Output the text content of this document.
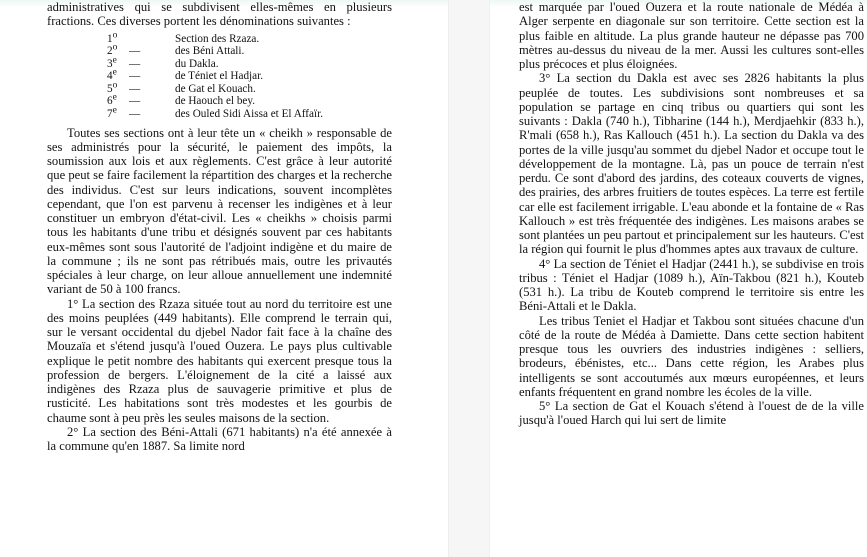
administratives qui se subdivisent elles-mêmes en plusieurs fractions. Ces diverses portent les dénominations suivantes :

1$^o$	Section des Rzaza.
2$^o$	—	des Béni Attali.
3e	—	du Dakla.
4e	—	de Téniet el Hadjar.
5$^o$	—	de Gat el Kouach.
6e	—	de Haouch el bey.
7e	—	des Ouled Sidi Aissa et El Affaïr.

Toutes ses sections ont à leur tête un « cheikh » responsable de ses administrés pour la sécurité, le paiement des impôts, la soumission aux lois et aux règlements. C'est grâce à leur autorité que peut se faire facilement la répartition des charges et la recherche des individus. C'est sur leurs indications, souvent incomplètes cependant, que l'on est parvenu à recenser les indigènes et à leur constituer un embryon d'état-civil. Les « cheikhs » choisis parmi tous les habitants d'une tribu et désignés souvent par ces habitants eux-mêmes sont sous l'autorité de l'adjoint indigène et du maire de la commune ; ils ne sont pas rétribués mais, outre les privautés spéciales à leur charge, on leur alloue annuellement une indemnité variant de 50 à 100 francs.

1° La section des Rzaza située tout au nord du territoire est une des moins peuplées (449 habitants). Elle comprend le terrain qui, sur le versant occidental du djebel Nador fait face à la chaîne des Mouzaïa et s'étend jusqu'à l'oued Ouzera. Le pays plus cultivable explique le petit nombre des habitants qui exercent presque tous la profession de bergers. L'éloignement de la cité a laissé aux indigènes des Rzaza plus de sauvagerie primitive et plus de rusticité. Les habitations sont très modestes et les gourbis de chaume sont à peu près les seules maisons de la section.

2° La section des Béni-Attali (671 habitants) n'a été annexée à la commune qu'en 1887. Sa limite nord

est marquée par l'oued Ouzera et la route nationale de Médéa à Alger serpente en diagonale sur son territoire. Cette section est la plus faible en altitude. La plus grande hauteur ne dépasse pas 700 mètres au-dessus du niveau de la mer. Aussi les cultures sont-elles plus précoces et plus éloignées.

3° La section du Dakla est avec ses 2826 habitants la plus peuplée de toutes. Les subdivisions sont nombreuses et sa population se partage en cinq tribus ou quartiers qui sont les suivants : Dakla (740 h.), Tibharine (144 h.), Merdjaehkir (833 h.), R'mali (658 h.), Ras Kallouch (451 h.). La section du Dakla va des portes de la ville jusqu'au sommet du djebel Nador et occupe tout le développement de la montagne. Là, pas un pouce de terrain n'est perdu. Ce sont d'abord des jardins, des coteaux couverts de vignes, des prairies, des arbres fruitiers de toutes espèces. La terre est fertile car elle est facilement irrigable. L'eau abonde et la fontaine de « Ras Kallouch » est très fréquentée des indigènes. Les maisons arabes se sont plantées un peu partout et principalement sur les hauteurs. C'est la région qui fournit le plus d'hommes aptes aux travaux de culture.

4° La section de Téniet el Hadjar (2441 h.), se subdivise en trois tribus : Téniet el Hadjar (1089 h.), Aïn-Takbou (821 h.), Kouteb (531 h.). La tribu de Kouteb comprend le territoire sis entre les Béni-Attali et le Dakla.

Les tribus Teniet el Hadjar et Takbou sont situées chacune d'un côté de la route de Médéa à Damiette. Dans cette section habitent presque tous les ouvriers des industries indigènes : selliers, brodeurs, ébénistes, etc... Dans cette région, les Arabes plus intelligents se sont accoutumés aux mœurs européennes, et leurs enfants fréquentent en grand nombre les écoles de la ville.

5° La section de Gat el Kouach s'étend à l'ouest de de la ville jusqu'à l'oued Harch qui lui sert de limite
